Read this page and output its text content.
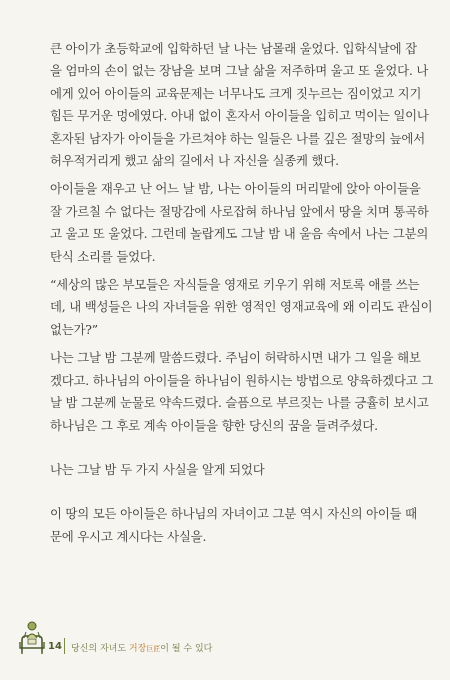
큰 아이가 초등학교에 입학하던 날 나는 남몰래 울었다. 입학식날에 잡
을 엄마의 손이 없는 장남을 보며 그날 삶을 저주하며 울고 또 울었다. 나
에게 있어 아이들의 교육문제는 너무나도 크게 짓누르는 짐이었고 지기
힘든 무거운 멍에였다. 아내 없이 혼자서 아이들을 입히고 먹이는 일이나
혼자된 남자가 아이들을 가르쳐야 하는 일들은 나를 깊은 절망의 늪에서
허우적거리게 했고 삶의 길에서 나 자신을 실종케 했다.

아이들을 재우고 난 어느 날 밤, 나는 아이들의 머리맡에 앉아 아이들을
잘 가르칠 수 없다는 절망감에 사로잡혀 하나님 앞에서 땅을 치며 통곡하
고 울고 또 울었다. 그런데 놀랍게도 그날 밤 내 울음 속에서 나는 그분의
탄식 소리를 들었다.

“세상의 많은 부모들은 자식들을 영재로 키우기 위해 저토록 애를 쓰는
데, 내 백성들은 나의 자녀들을 위한 영적인 영재교육에 왜 이리도 관심이
없는가?”

나는 그날 밤 그분께 말씀드렸다. 주님이 허락하시면 내가 그 일을 해보
겠다고. 하나님의 아이들을 하나님이 원하시는 방법으로 양육하겠다고 그
날 밤 그분께 눈물로 약속드렸다. 슬픔으로 부르짖는 나를 긍휼히 보시고
하나님은 그 후로 계속 아이들을 향한 당신의 꿈을 들려주셨다.

나는 그날 밤 두 가지 사실을 알게 되었다

이 땅의 모든 아이들은 하나님의 자녀이고 그분 역시 자신의 아이들 때
문에 우시고 계시다는 사실을.

14 당신의 자녀도 거장巨匠이 될 수 있다
